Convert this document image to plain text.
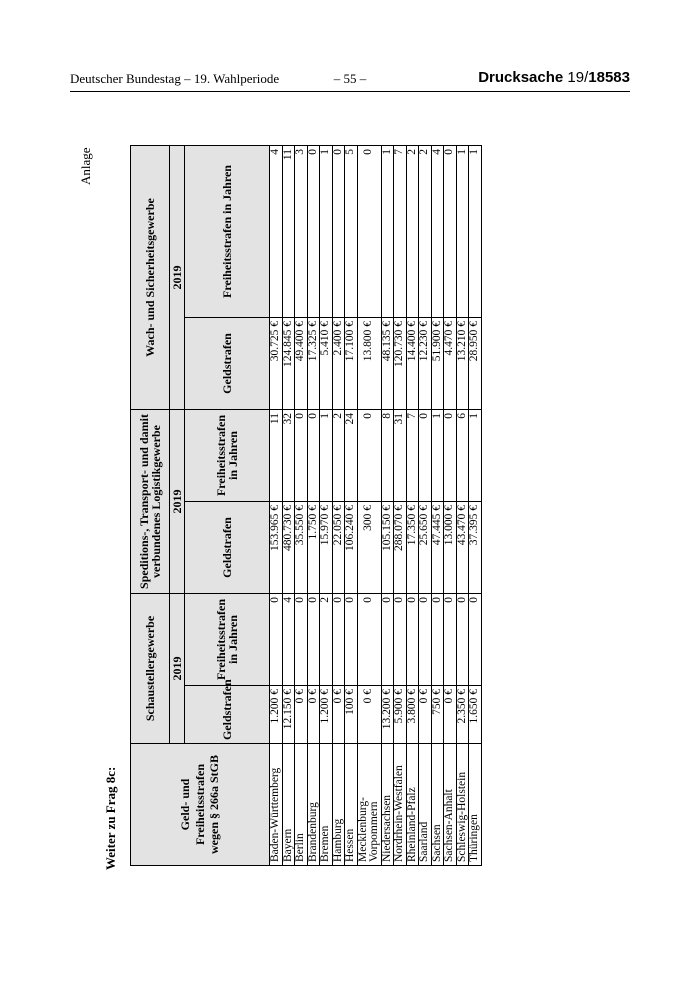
Deutscher Bundestag – 19. Wahlperiode	– 55 –	Drucksache 19/18583
Anlage
Weiter zu Frag 8c:	Geld- und Freiheitsstrafen wegen § 266a StGB	Schaustellergewerbe		Speditions-, Transport- und damit verbundenes Logistikgewerbe		Wach- und Sicherheitsgewerbe	
	2019		2019		2019	
	Geldstrafen	Freiheitsstrafen in Jahren	Geldstrafen	Freiheitsstrafen in Jahren	Geldstrafen	Freiheitsstrafen in Jahren
Baden-Württemberg	1.200 €	0	153.965 €	11	30.725 €	4
Bayern	12.150 €	4	480.730 €	32	124.845 €	11
Berlin	0 €	0	35.550 €	0	49.400 €	3
Brandenburg	0 €	0	1.750 €	0	17.325 €	0
Bremen	1.200 €	2	15.970 €	1	5.410 €	1
Hamburg	0 €	0	22.050 €	2	2.400 €	0
Hessen	100 €	0	106.240 €	24	17.100 €	5
Mecklenburg-Vorpommern	0 €	0	300 €	0	13.800 €	0
Niedersachsen	13.200 €	0	105.150 €	8	48.135 €	1
Nordrhein-Westfalen	5.900 €	0	288.070 €	31	120.730 €	7
Rheinland-Pfalz	3.800 €	0	17.350 €	7	14.400 €	2
Saarland	0 €	0	25.650 €	0	12.230 €	2
Sachsen	750 €	0	47.445 €	1	51.900 €	4
Sachsen-Anhalt	0 €	0	13.000 €	0	4.470 €	0
Schleswig-Holstein	2.350 €	0	43.470 €	6	13.210 €	1
Thüringen	1.650 €	0	37.395 €	1	28.950 €	1
